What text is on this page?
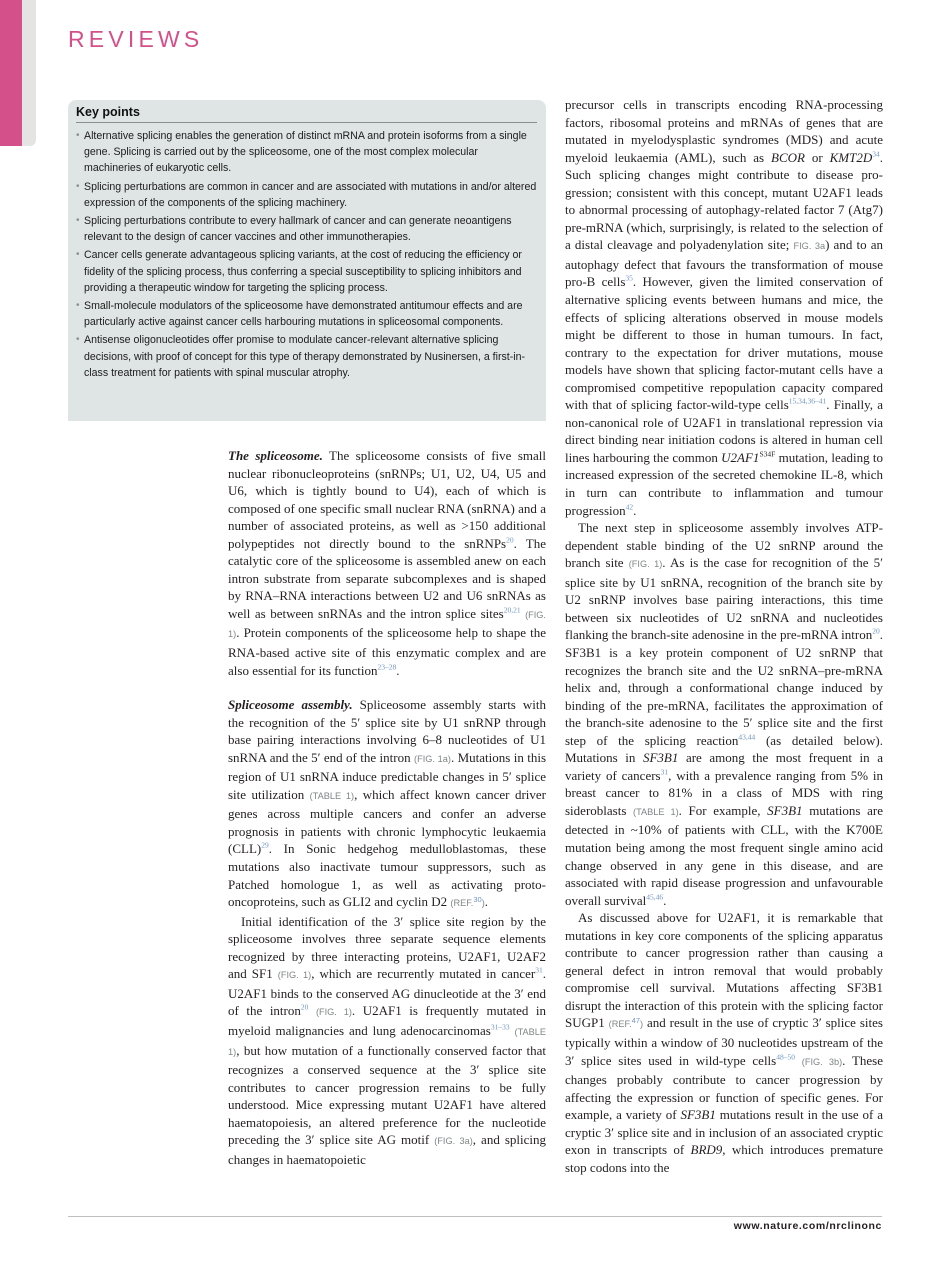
REVIEWS
Key points
• Alternative splicing enables the generation of distinct mRNA and protein isoforms from a single gene. Splicing is carried out by the spliceosome, one of the most complex molecular machineries of eukaryotic cells.
• Splicing perturbations are common in cancer and are associated with mutations in and/or altered expression of the components of the splicing machinery.
• Splicing perturbations contribute to every hallmark of cancer and can generate neoantigens relevant to the design of cancer vaccines and other immunotherapies.
• Cancer cells generate advantageous splicing variants, at the cost of reducing the efficiency or fidelity of the splicing process, thus conferring a special susceptibility to splicing inhibitors and providing a therapeutic window for targeting the splicing process.
• Small-molecule modulators of the spliceosome have demonstrated antitumour effects and are particularly active against cancer cells harbouring mutations in spliceosomal components.
• Antisense oligonucleotides offer promise to modulate cancer-relevant alternative splicing decisions, with proof of concept for this type of therapy demonstrated by Nusinersen, a first-in-class treatment for patients with spinal muscular atrophy.

The spliceosome. The spliceosome consists of five small nuclear ribonucleoproteins (snRNPs; U1, U2, U4, U5 and U6, which is tightly bound to U4), each of which is composed of one specific small nuclear RNA (snRNA) and a number of associated proteins, as well as >150 additional polypeptides not directly bound to the snRNPs$^{20}$. The catalytic core of the spliceosome is assembled anew on each intron substrate from separate subcomplexes and is shaped by RNA–RNA interactions between U2 and U6 snRNAs as well as between snRNAs and the intron splice sites$^{20,21}$ (FIG. 1). Protein components of the spliceosome help to shape the RNA-based active site of this enzymatic complex and are also essential for its function$^{23-28}$.

Spliceosome assembly. Spliceosome assembly starts with the recognition of the 5′ splice site by U1 snRNP through base pairing interactions involving 6–8 nucleotides of U1 snRNA and the 5′ end of the intron (FIG. 1a). Mutations in this region of U1 snRNA induce predictable changes in 5′ splice site utilization (TABLE 1), which affect known cancer driver genes across multiple cancers and confer an adverse prognosis in patients with chronic lymphocytic leukaemia (CLL)$^{29}$. In Sonic hedgehog medulloblastomas, these mutations also inactivate tumour suppressors, such as Patched homologue 1, as well as activating proto-oncoproteins, such as GLI2 and cyclin D2 (REF.$^{30}$).

Initial identification of the 3′ splice site region by the spliceosome involves three separate sequence elements recognized by three interacting proteins, U2AF1, U2AF2 and SF1 (FIG. 1), which are recurrently mutated in cancer$^{31}$. U2AF1 binds to the conserved AG dinucleotide at the 3′ end of the intron$^{20}$ (FIG. 1). U2AF1 is frequently mutated in myeloid malignancies and lung adenocarcinomas$^{31-33}$ (TABLE 1), but how mutation of a functionally conserved factor that recognizes a conserved sequence at the 3′ splice site contributes to cancer progression remains to be fully understood. Mice expressing mutant U2AF1 have altered haematopoiesis, an altered preference for the nucleotide preceding the 3′ splice site AG motif (FIG. 3a), and splicing changes in haematopoietic

precursor cells in transcripts encoding RNA-processing factors, ribosomal proteins and mRNAs of genes that are mutated in myelodysplastic syndromes (MDS) and acute myeloid leukaemia (AML), such as BCOR or KMT2D$^{34}$. Such splicing changes might contribute to disease progression; consistent with this concept, mutant U2AF1 leads to abnormal processing of autophagy-related factor 7 (Atg7) pre-mRNA (which, surprisingly, is related to the selection of a distal cleavage and polyadenylation site; FIG. 3a) and to an autophagy defect that favours the transformation of mouse pro-B cells$^{35}$. However, given the limited conservation of alternative splicing events between humans and mice, the effects of splicing alterations observed in mouse models might be different to those in human tumours. In fact, contrary to the expectation for driver mutations, mouse models have shown that splicing factor-mutant cells have a compromised competitive repopulation capacity compared with that of splicing factor-wild-type cells$^{15,34,36-41}$. Finally, a non-canonical role of U2AF1 in translational repression via direct binding near initiation codons is altered in human cell lines harbouring the common $U2AF1^{S34F}$ mutation, leading to increased expression of the secreted chemokine IL-8, which in turn can contribute to inflammation and tumour progression$^{42}$.

The next step in spliceosome assembly involves ATP-dependent stable binding of the U2 snRNP around the branch site (FIG. 1). As is the case for recognition of the 5′ splice site by U1 snRNA, recognition of the branch site by U2 snRNP involves base pairing interactions, this time between six nucleotides of U2 snRNA and nucleotides flanking the branch-site adenosine in the pre-mRNA intron$^{20}$. SF3B1 is a key protein component of U2 snRNP that recognizes the branch site and the U2 snRNA–pre-mRNA helix and, through a conformational change induced by binding of the pre-mRNA, facilitates the approximation of the branch-site adenosine to the 5′ splice site and the first step of the splicing reaction$^{43,44}$ (as detailed below). Mutations in SF3B1 are among the most frequent in a variety of cancers$^{31}$, with a prevalence ranging from 5% in breast cancer to 81% in a class of MDS with ring sideroblasts (TABLE 1). For example, SF3B1 mutations are detected in ~10% of patients with CLL, with the K700E mutation being among the most frequent single amino acid change observed in any gene in this disease, and are associated with rapid disease progression and unfavourable overall survival$^{45,46}$.

As discussed above for U2AF1, it is remarkable that mutations in key core components of the splicing apparatus contribute to cancer progression rather than causing a general defect in intron removal that would probably compromise cell survival. Mutations affecting SF3B1 disrupt the interaction of this protein with the splicing factor SUGP1 (REF.$^{47}$) and result in the use of cryptic 3′ splice sites typically within a window of 30 nucleotides upstream of the 3′ splice sites used in wild-type cells$^{48-50}$ (FIG. 3b). These changes probably contribute to cancer progression by affecting the expression or function of specific genes. For example, a variety of SF3B1 mutations result in the use of a cryptic 3′ splice site and in inclusion of an associated cryptic exon in transcripts of BRD9, which introduces premature stop codons into the

www.nature.com/nrclinonc
